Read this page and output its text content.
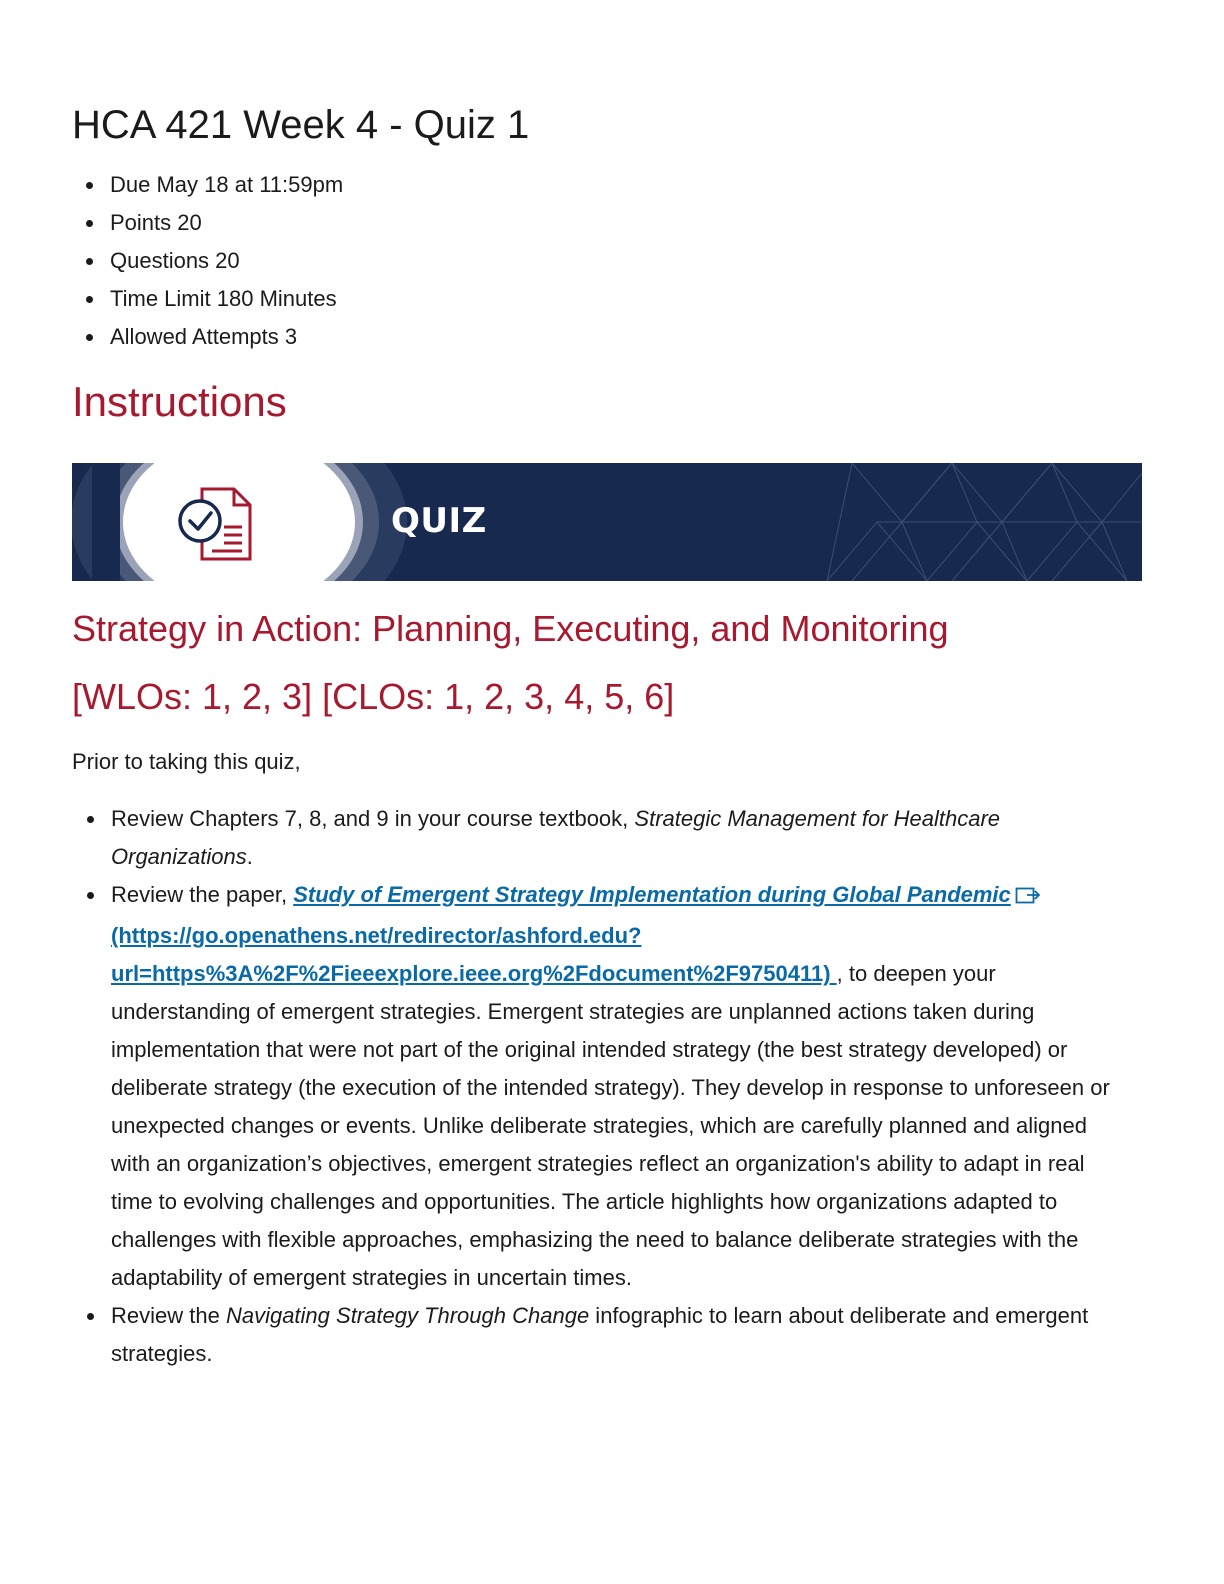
HCA 421 Week 4 - Quiz 1
Due May 18 at 11:59pm
Points 20
Questions 20
Time Limit 180 Minutes
Allowed Attempts 3
Instructions
QUIZ
Strategy in Action: Planning, Executing, and Monitoring
[WLOs: 1, 2, 3] [CLOs: 1, 2, 3, 4, 5, 6]

Prior to taking this quiz,

Review Chapters 7, 8, and 9 in your course textbook, Strategic Management for Healthcare Organizations.
Review the paper, Study of Emergent Strategy Implementation during Global Pandemic (https://go.openathens.net/redirector/ashford.edu?url=https%3A%2F%2Fieeexplore.ieee.org%2Fdocument%2F9750411) , to deepen your understanding of emergent strategies. Emergent strategies are unplanned actions taken during implementation that were not part of the original intended strategy (the best strategy developed) or deliberate strategy (the execution of the intended strategy). They develop in response to unforeseen or unexpected changes or events. Unlike deliberate strategies, which are carefully planned and aligned with an organization’s objectives, emergent strategies reflect an organization's ability to adapt in real time to evolving challenges and opportunities. The article highlights how organizations adapted to challenges with flexible approaches, emphasizing the need to balance deliberate strategies with the adaptability of emergent strategies in uncertain times.
Review the Navigating Strategy Through Change infographic to learn about deliberate and emergent strategies.
